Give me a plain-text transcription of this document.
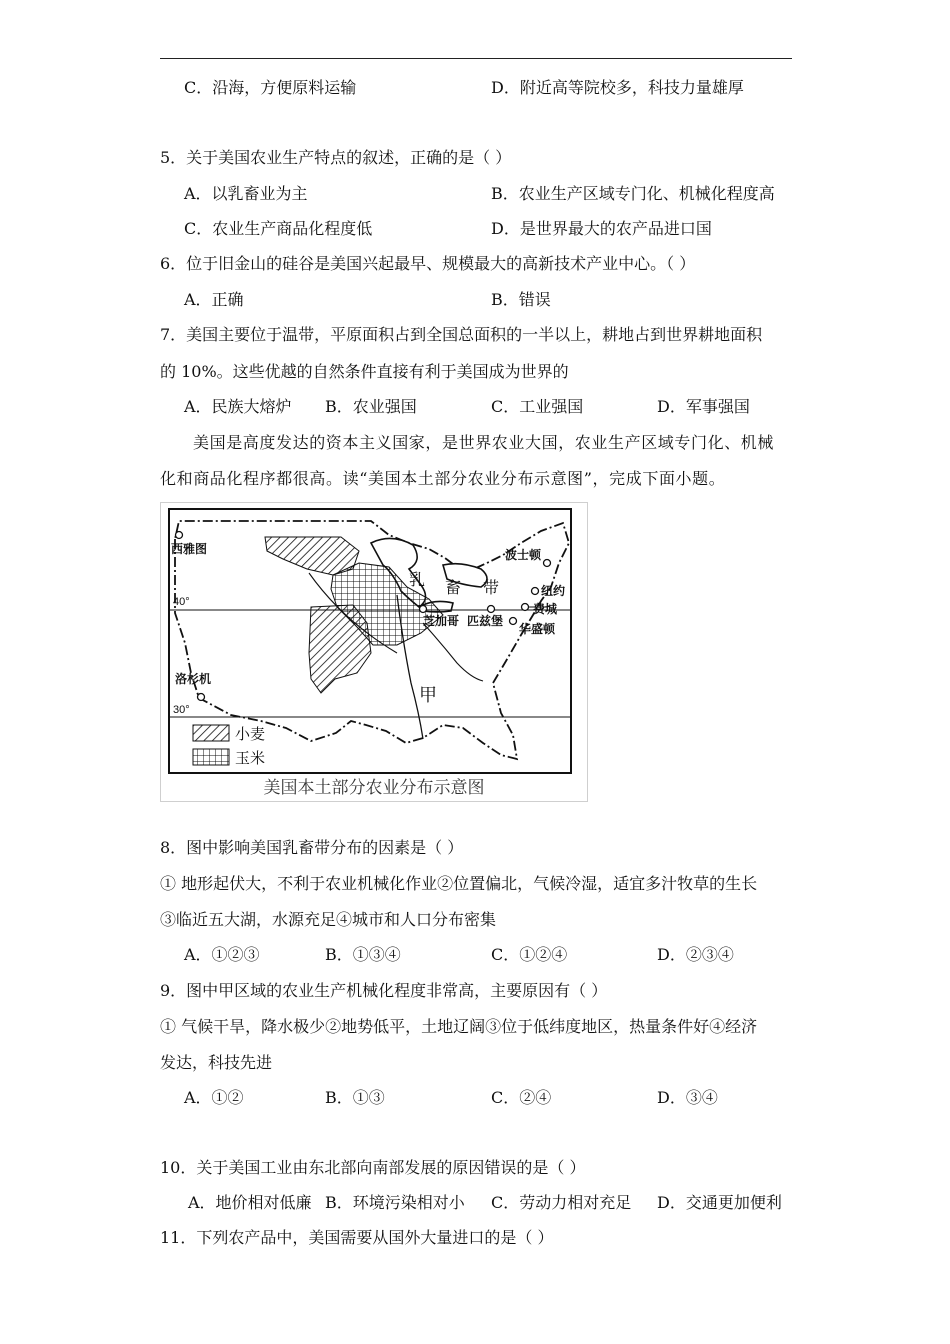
C．沿海，方便原料运输	D．附近高等院校多，科技力量雄厚
5．关于美国农业生产特点的叙述，正确的是（ ）
A．以乳畜业为主	B．农业生产区域专门化、机械化程度高
C．农业生产商品化程度低	D．是世界最大的农产品进口国
6．位于旧金山的硅谷是美国兴起最早、规模最大的高新技术产业中心。（ ）
A．正确	B．错误
7．美国主要位于温带，平原面积占到全国总面积的一半以上，耕地占到世界耕地面积
的 10%。这些优越的自然条件直接有利于美国成为世界的
A．民族大熔炉 B．农业强国	C．工业强国	D．军事强国
美国是高度发达的资本主义国家，是世界农业大国，农业生产区域专门化、机械
化和商品化程序都很高。读“美国本土部分农业分布示意图”，完成下面小题。
40°
30°
西雅图
洛杉机
芝加哥 匹兹堡
波士顿
纽约
费城
华盛顿
乳 畜 带
甲
小麦
玉米
美国本土部分农业分布示意图
8．图中影响美国乳畜带分布的因素是（ ）
① 地形起伏大，不利于农业机械化作业②位置偏北，气候冷湿，适宜多汁牧草的生长
③临近五大湖，水源充足④城市和人口分布密集
A．①②③	B．①③④	C．①②④	D．②③④
9．图中甲区域的农业生产机械化程度非常高，主要原因有（ ）
① 气候干旱，降水极少②地势低平，土地辽阔③位于低纬度地区，热量条件好④经济
发达，科技先进
A．①②	B．①③	C．②④	D．③④
10．关于美国工业由东北部向南部发展的原因错误的是（ ）
A．地价相对低廉 B．环境污染相对小 C．劳动力相对充足 D．交通更加便利
11．下列农产品中，美国需要从国外大量进口的是（ ）
